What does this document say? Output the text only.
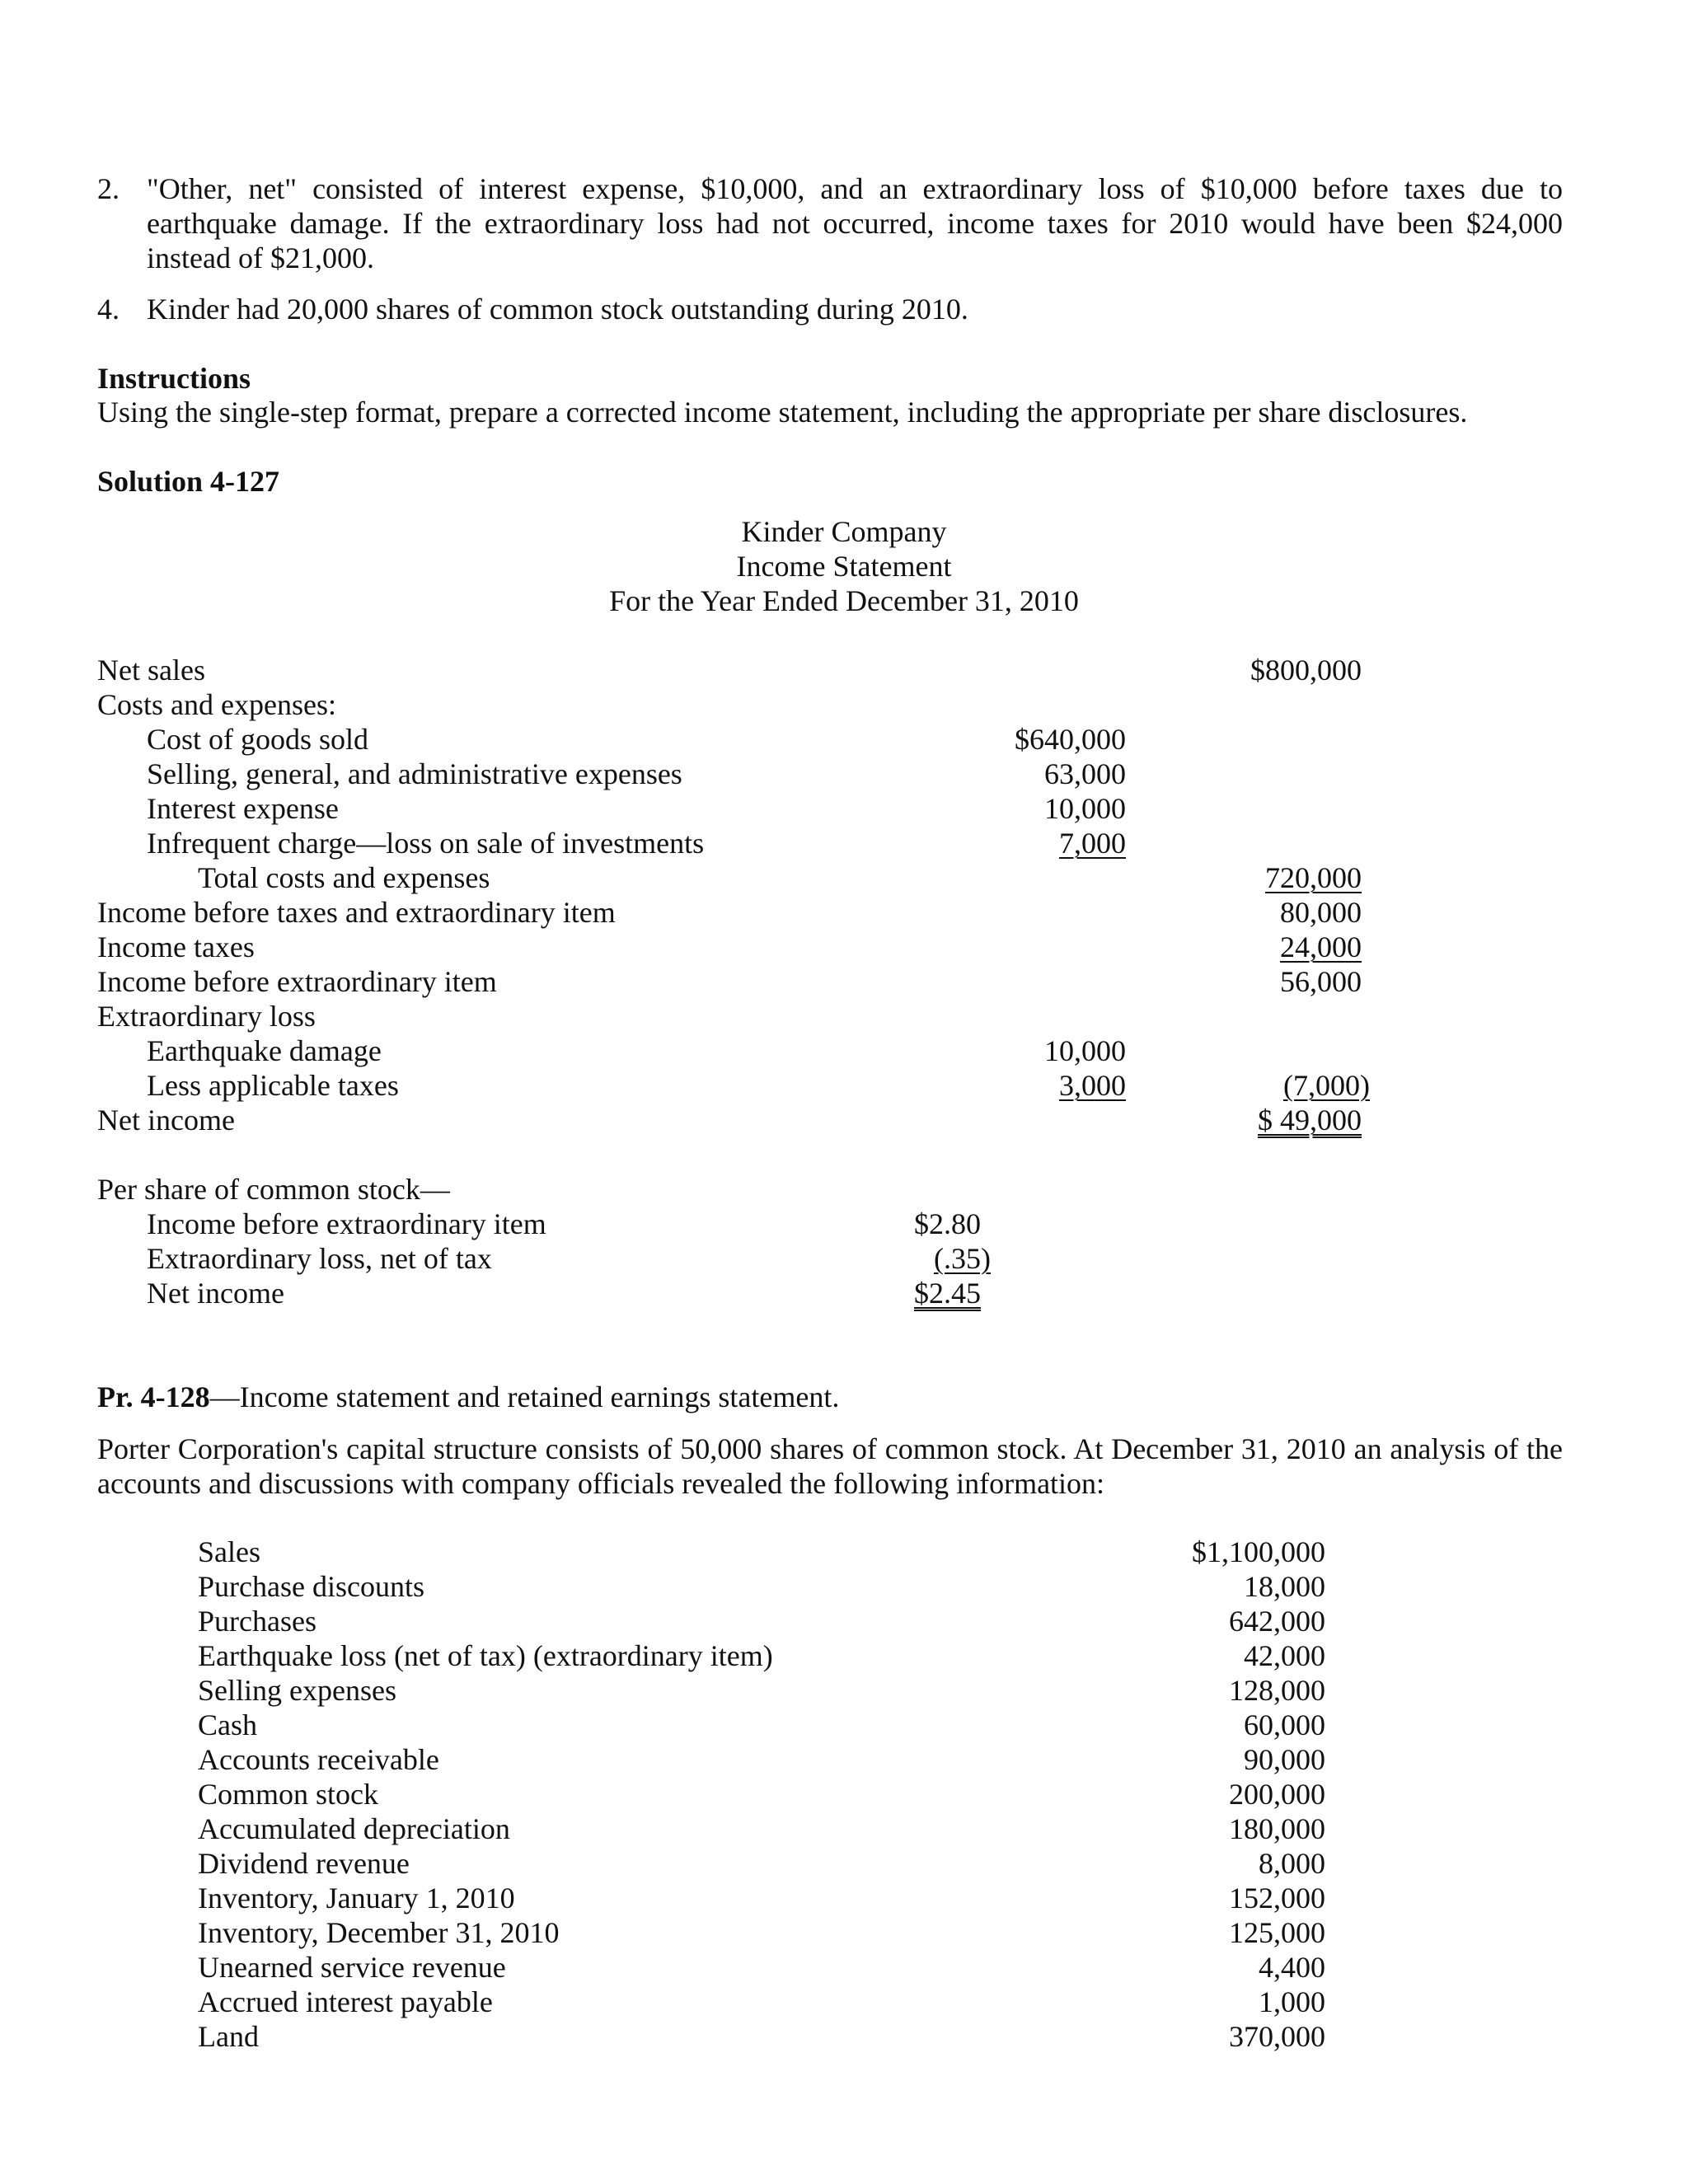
2. "Other, net" consisted of interest expense, $10,000, and an extraordinary loss of $10,000 before taxes due to earthquake damage. If the extraordinary loss had not occurred, income taxes for 2010 would have been $24,000 instead of $21,000.
4. Kinder had 20,000 shares of common stock outstanding during 2010.
Instructions
Using the single-step format, prepare a corrected income statement, including the appropriate per share disclosures.
Solution 4-127
Kinder Company
Income Statement
For the Year Ended December 31, 2010
Net sales
Costs and expenses:
Cost of goods sold
Selling, general, and administrative expenses
Interest expense
Infrequent charge—loss on sale of investments
Total costs and expenses
Income before taxes and extraordinary item
Income taxes
Income before extraordinary item
Extraordinary loss
Earthquake damage
Less applicable taxes
Net income
$640,000
63,000
10,000
7,000
10,000
3,000
$800,000
720,000
80,000
24,000
56,000
(7,000)
$ 49,000
Per share of common stock—
Income before extraordinary item
Extraordinary loss, net of tax
Net income
$2.80
(.35)
$2.45
Pr. 4-128—Income statement and retained earnings statement.
Porter Corporation's capital structure consists of 50,000 shares of common stock. At December 31, 2010 an analysis of the accounts and discussions with company officials revealed the following information:
Sales
Purchase discounts
Purchases
Earthquake loss (net of tax) (extraordinary item)
Selling expenses
Cash
Accounts receivable
Common stock
Accumulated depreciation
Dividend revenue
Inventory, January 1, 2010
Inventory, December 31, 2010
Unearned service revenue
Accrued interest payable
Land
$1,100,000
18,000
642,000
42,000
128,000
60,000
90,000
200,000
180,000
8,000
152,000
125,000
4,400
1,000
370,000
